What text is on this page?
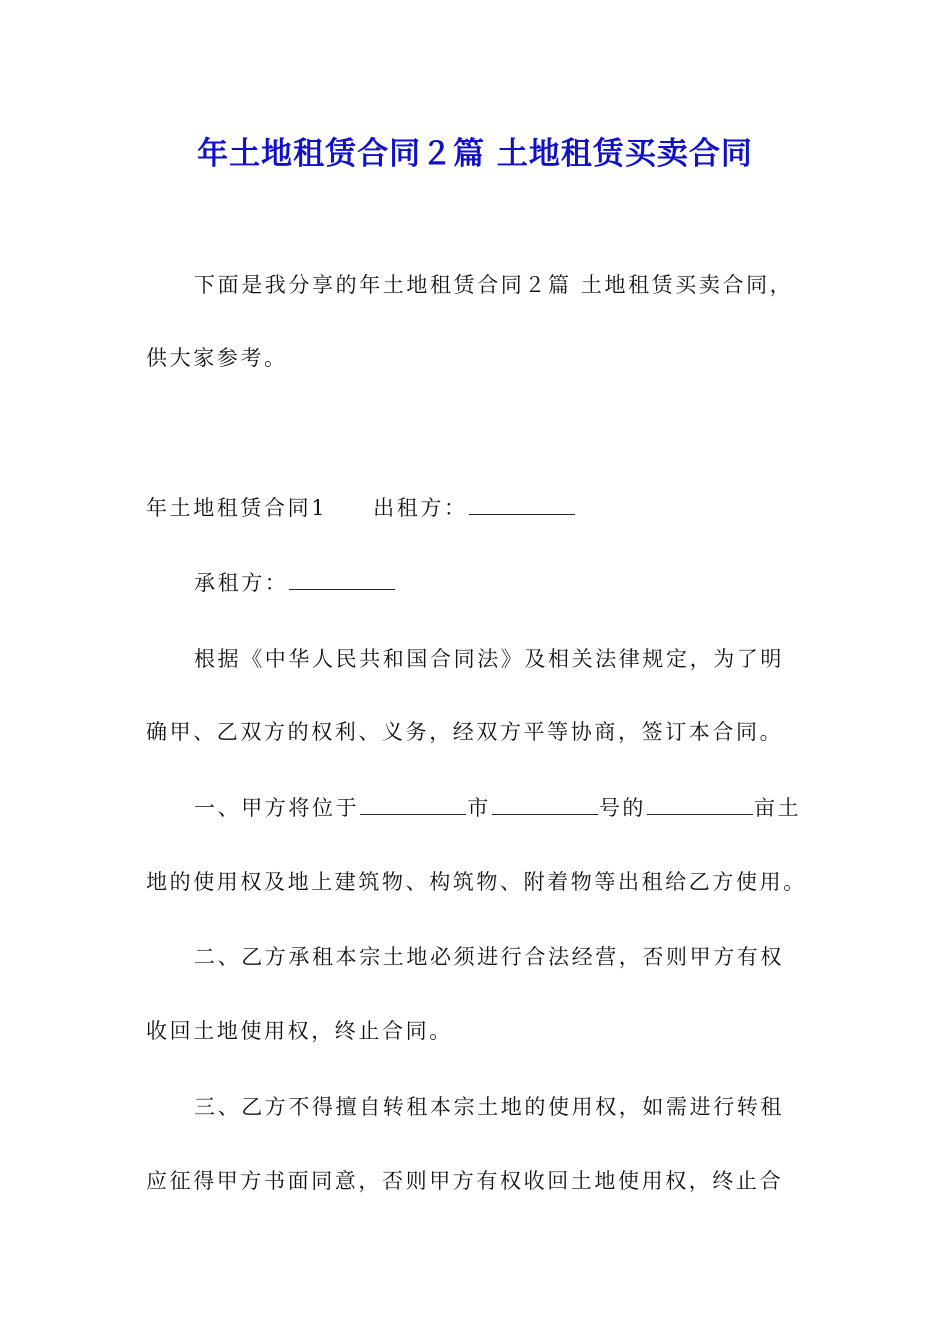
年土地租赁合同２篇 土地租赁买卖合同
下面是我分享的年土地租赁合同２篇 土地租赁买卖合同，
供大家参考。
年土地租赁合同1 出租方：
承租方：
根据《中华人民共和国合同法》及相关法律规定，为了明
确甲、乙双方的权利、义务，经双方平等协商，签订本合同。
一、甲方将位于	市	号的	亩土
地的使用权及地上建筑物、构筑物、附着物等出租给乙方使用。
二、乙方承租本宗土地必须进行合法经营，否则甲方有权
收回土地使用权，终止合同。
三、乙方不得擅自转租本宗土地的使用权，如需进行转租
应征得甲方书面同意，否则甲方有权收回土地使用权，终止合
